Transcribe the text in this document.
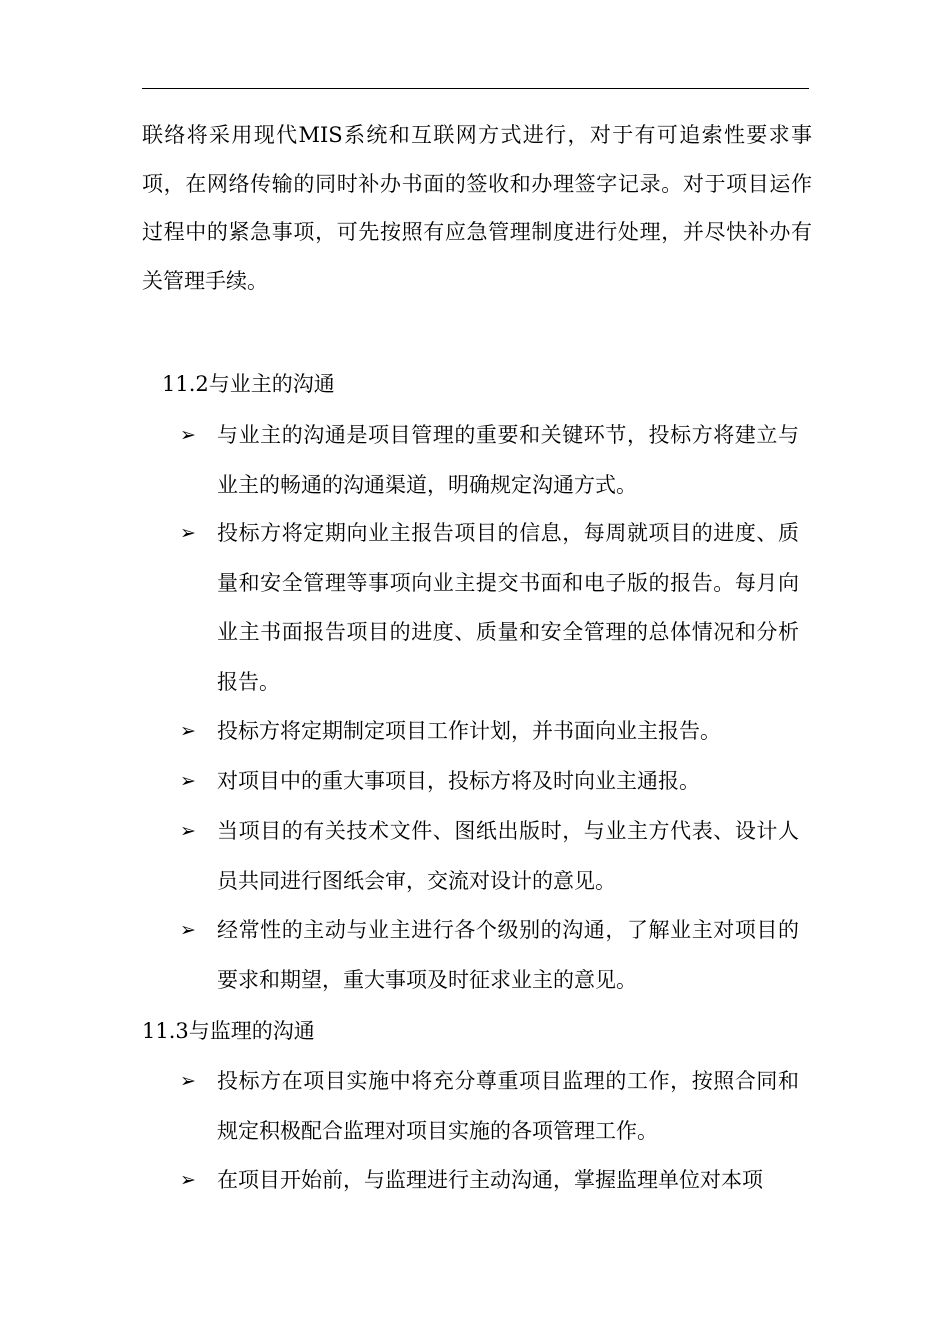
联络将采用现代MIS系统和互联网方式进行，对于有可追索性要求事项，在网络传输的同时补办书面的签收和办理签字记录。对于项目运作过程中的紧急事项，可先按照有应急管理制度进行处理，并尽快补办有关管理手续。

11.2与业主的沟通
➢ 与业主的沟通是项目管理的重要和关键环节，投标方将建立与业主的畅通的沟通渠道，明确规定沟通方式。

➢ 投标方将定期向业主报告项目的信息，每周就项目的进度、质量和安全管理等事项向业主提交书面和电子版的报告。每月向业主书面报告项目的进度、质量和安全管理的总体情况和分析报告。

➢ 投标方将定期制定项目工作计划，并书面向业主报告。

➢ 对项目中的重大事项目，投标方将及时向业主通报。

➢ 当项目的有关技术文件、图纸出版时，与业主方代表、设计人员共同进行图纸会审，交流对设计的意见。

➢ 经常性的主动与业主进行各个级别的沟通，了解业主对项目的要求和期望，重大事项及时征求业主的意见。

11.3与监理的沟通
➢ 投标方在项目实施中将充分尊重项目监理的工作，按照合同和规定积极配合监理对项目实施的各项管理工作。

➢ 在项目开始前，与监理进行主动沟通，掌握监理单位对本项
